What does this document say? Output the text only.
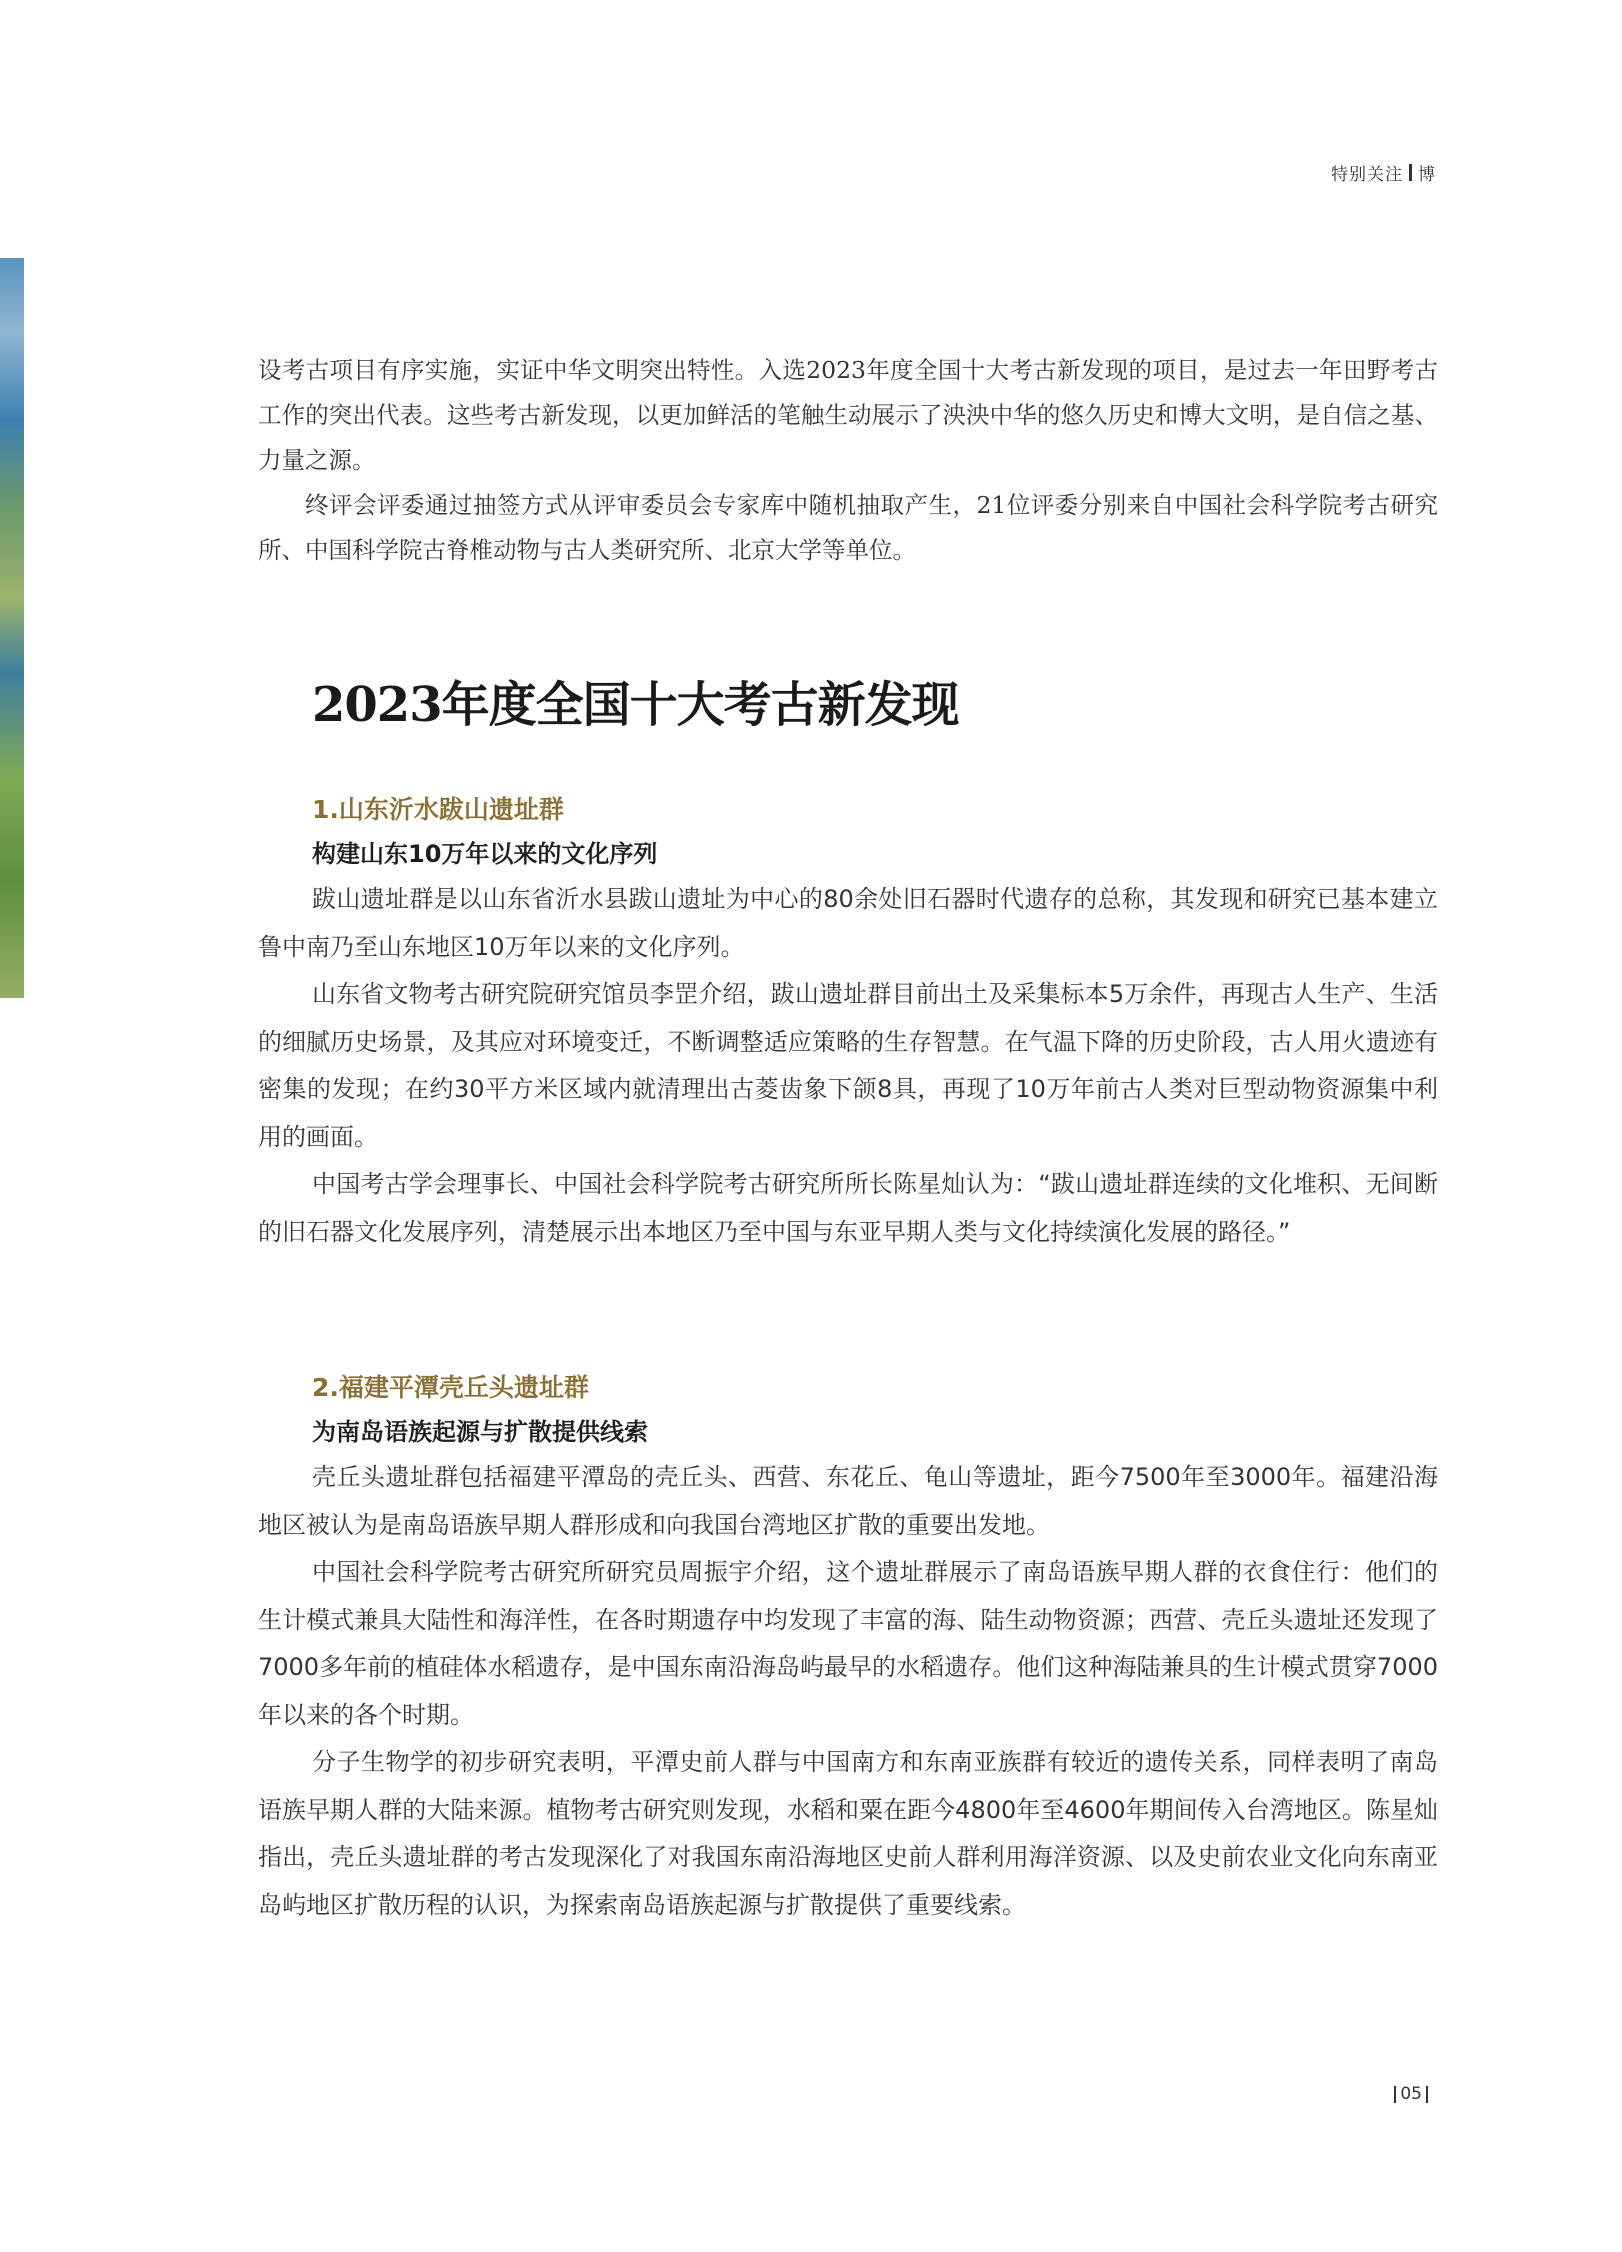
特别关注 博

设考古项目有序实施，实证中华文明突出特性。入选2023年度全国十大考古新发现的项目，是过去一年田野考古工作的突出代表。这些考古新发现，以更加鲜活的笔触生动展示了泱泱中华的悠久历史和博大文明，是自信之基、力量之源。

终评会评委通过抽签方式从评审委员会专家库中随机抽取产生，21位评委分别来自中国社会科学院考古研究所、中国科学院古脊椎动物与古人类研究所、北京大学等单位。

2023年度全国十大考古新发现
1.山东沂水跋山遗址群
构建山东10万年以来的文化序列

跋山遗址群是以山东省沂水县跋山遗址为中心的80余处旧石器时代遗存的总称，其发现和研究已基本建立鲁中南乃至山东地区10万年以来的文化序列。

山东省文物考古研究院研究馆员李罡介绍，跋山遗址群目前出土及采集标本5万余件，再现古人生产、生活的细腻历史场景，及其应对环境变迁，不断调整适应策略的生存智慧。在气温下降的历史阶段，古人用火遗迹有密集的发现；在约30平方米区域内就清理出古菱齿象下颌8具，再现了10万年前古人类对巨型动物资源集中利用的画面。

中国考古学会理事长、中国社会科学院考古研究所所长陈星灿认为：“跋山遗址群连续的文化堆积、无间断的旧石器文化发展序列，清楚展示出本地区乃至中国与东亚早期人类与文化持续演化发展的路径。”

2.福建平潭壳丘头遗址群
为南岛语族起源与扩散提供线索

壳丘头遗址群包括福建平潭岛的壳丘头、西营、东花丘、龟山等遗址，距今7500年至3000年。福建沿海地区被认为是南岛语族早期人群形成和向我国台湾地区扩散的重要出发地。

中国社会科学院考古研究所研究员周振宇介绍，这个遗址群展示了南岛语族早期人群的衣食住行：他们的生计模式兼具大陆性和海洋性，在各时期遗存中均发现了丰富的海、陆生动物资源；西营、壳丘头遗址还发现了7000多年前的植硅体水稻遗存，是中国东南沿海岛屿最早的水稻遗存。他们这种海陆兼具的生计模式贯穿7000年以来的各个时期。

分子生物学的初步研究表明，平潭史前人群与中国南方和东南亚族群有较近的遗传关系，同样表明了南岛语族早期人群的大陆来源。植物考古研究则发现，水稻和粟在距今4800年至4600年期间传入台湾地区。陈星灿指出，壳丘头遗址群的考古发现深化了对我国东南沿海地区史前人群利用海洋资源、以及史前农业文化向东南亚岛屿地区扩散历程的认识，为探索南岛语族起源与扩散提供了重要线索。

05
